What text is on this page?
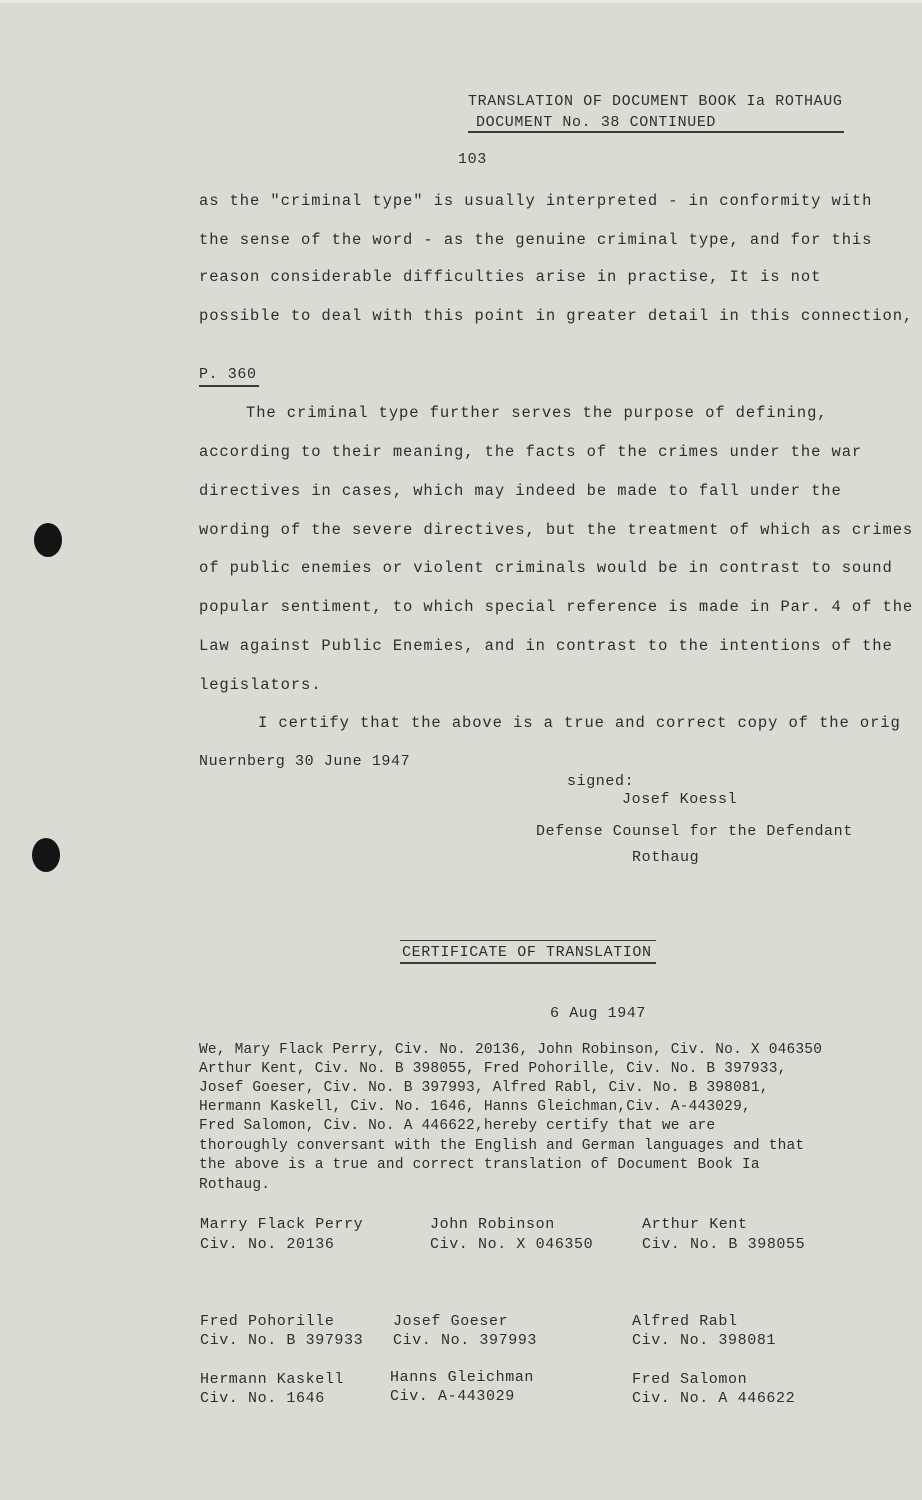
TRANSLATION OF DOCUMENT BOOK Ia ROTHAUG
DOCUMENT No. 38 CONTINUED
103
as the "criminal type" is usually interpreted - in conformity with
the sense of the word - as the genuine criminal type, and for this
reason considerable difficulties arise in practise, It is not
possible to deal with this point in greater detail in this connection,
P. 360
The criminal type further serves the purpose of defining,
according to their meaning, the facts of the crimes under the war
directives in cases, which may indeed be made to fall under the
wording of the severe directives, but the treatment of which as crimes
of public enemies or violent criminals would be in contrast to sound
popular sentiment, to which special reference is made in Par. 4 of the
Law against Public Enemies, and in contrast to the intentions of the
legislators.
I certify that the above is a true and correct copy of the orig
Nuernberg 30 June 1947
signed:
Josef Koessl
Defense Counsel for the Defendant
Rothaug
CERTIFICATE OF TRANSLATION
6 Aug 1947
We, Mary Flack Perry, Civ. No. 20136, John Robinson, Civ. No. X 046350
Arthur Kent, Civ. No. B 398055, Fred Pohorille, Civ. No. B 397933,
Josef Goeser, Civ. No. B 397993, Alfred Rabl, Civ. No. B 398081,
Hermann Kaskell, Civ. No. 1646, Hanns Gleichman,Civ. A-443029,
Fred Salomon, Civ. No. A 446622,hereby certify that we are
thoroughly conversant with the English and German languages and that
the above is a true and correct translation of Document Book Ia
Rothaug.
Marry Flack Perry
Civ. No. 20136
John Robinson
Civ. No. X 046350
Arthur Kent
Civ. No. B 398055
Fred Pohorille
Civ. No. B 397933
Josef Goeser
Civ. No. 397993
Alfred Rabl
Civ. No. 398081
Hermann Kaskell
Civ. No. 1646
Hanns Gleichman
Civ. A-443029
Fred Salomon
Civ. No. A 446622
